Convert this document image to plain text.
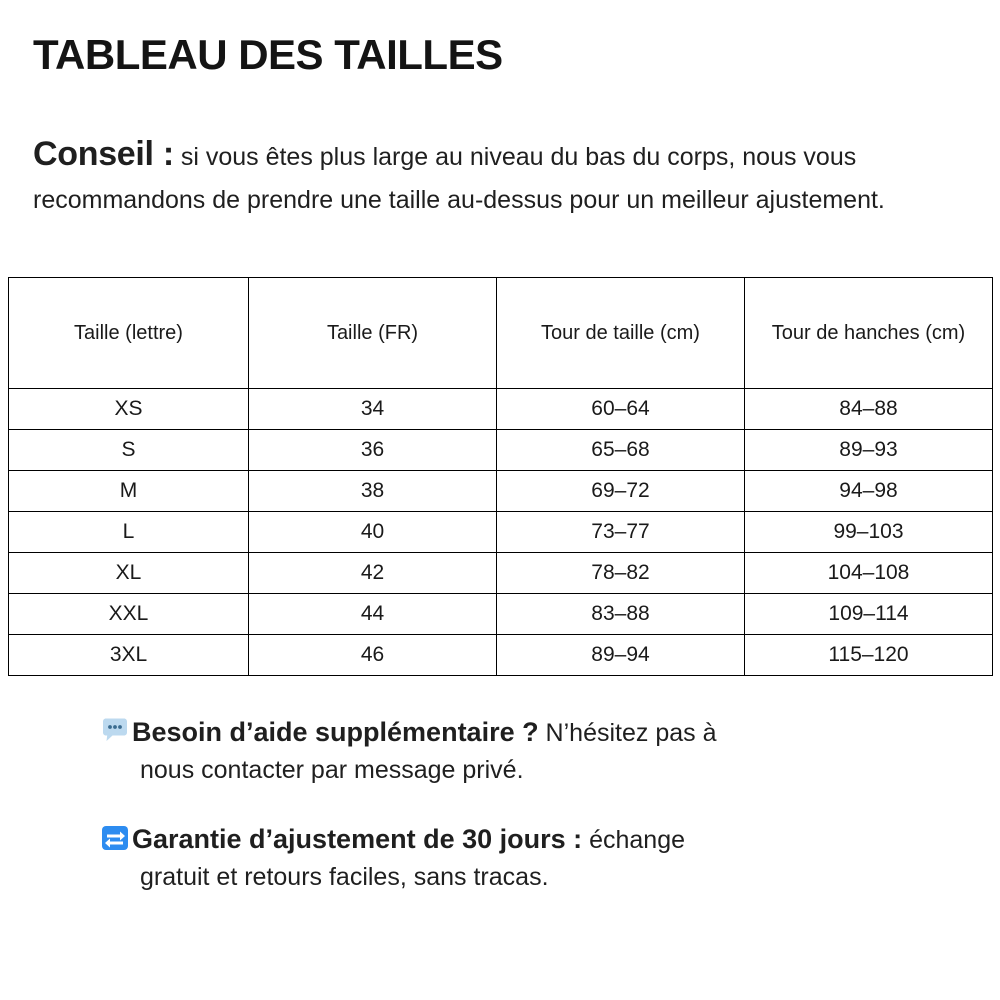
TABLEAU DES TAILLES
Conseil : si vous êtes plus large au niveau du bas du corps, nous vous recommandons de prendre une taille au-dessus pour un meilleur ajustement.
Taille (lettre)	Taille (FR)	Tour de taille (cm)	Tour de hanches (cm)
XS	34	60–64	84–88
S	36	65–68	89–93
M	38	69–72	94–98
L	40	73–77	99–103
XL	42	78–82	104–108
XXL	44	83–88	109–114
3XL	46	89–94	115–120
Besoin d’aide supplémentaire ? N’hésitez pas à
nous contacter par message privé.
Garantie d’ajustement de 30 jours : échange
gratuit et retours faciles, sans tracas.
